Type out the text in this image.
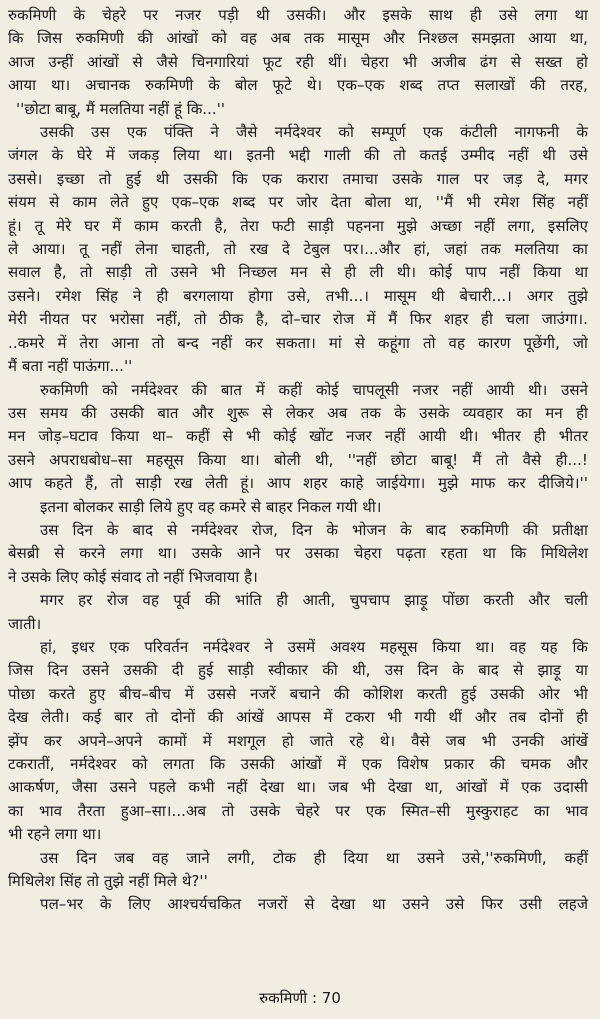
रुकमिणी के चेहरे पर नजर पड़ी थी उसकी। और इसके साथ ही उसे लगा था
कि जिस रुकमिणी की आंखों को वह अब तक मासूम और निश्छल समझता आया था,
आज उन्हीं आंखों से जैसे चिनगारियां फूट रही थीं। चेहरा भी अजीब ढंग से सख्त हो
आया था। अचानक रुकमिणी के बोल फूटे थे। एक–एक शब्द तप्त सलाखों की तरह,
''छोटा बाबू, मैं मलतिया नहीं हूं कि...''
उसकी उस एक पंक्ति ने जैसे नर्मदेश्वर को सम्पूर्ण एक कंटीली नागफनी के
जंगल के घेरे में जकड़ लिया था। इतनी भद्दी गाली की तो कतई उम्मीद नहीं थी उसे
उससे। इच्छा तो हुई थी उसकी कि एक करारा तमाचा उसके गाल पर जड़ दे, मगर
संयम से काम लेते हुए एक–एक शब्द पर जोर देता बोला था, ''मैं भी रमेश सिंह नहीं
हूं। तू मेरे घर में काम करती है, तेरा फटी साड़ी पहनना मुझे अच्छा नहीं लगा, इसलिए
ले आया। तू नहीं लेना चाहती, तो रख दे टेबुल पर।...और हां, जहां तक मलतिया का
सवाल है, तो साड़ी तो उसने भी निच्छल मन से ही ली थी। कोई पाप नहीं किया था
उसने। रमेश सिंह ने ही बरगलाया होगा उसे, तभी...। मासूम थी बेचारी...। अगर तुझे
मेरी नीयत पर भरोसा नहीं, तो ठीक है, दो–चार रोज में मैं फिर शहर ही चला जाउंगा।.
..कमरे में तेरा आना तो बन्द नहीं कर सकता। मां से कहूंगा तो वह कारण पूछेंगी, जो
मैं बता नहीं पाऊंगा...''
रुकमिणी को नर्मदेश्वर की बात में कहीं कोई चापलूसी नजर नहीं आयी थी। उसने
उस समय की उसकी बात और शुरू से लेकर अब तक के उसके व्यवहार का मन ही
मन जोड़–घटाव किया था– कहीं से भी कोई खोंट नजर नहीं आयी थी। भीतर ही भीतर
उसने अपराधबोध–सा महसूस किया था। बोली थी, ''नहीं छोटा बाबू! मैं तो वैसे ही...!
आप कहते हैं, तो साड़ी रख लेती हूं। आप शहर काहे जाईयेगा। मुझे माफ कर दीजिये।''
इतना बोलकर साड़ी लिये हुए वह कमरे से बाहर निकल गयी थी।
उस दिन के बाद से नर्मदेश्वर रोज, दिन के भोजन के बाद रुकमिणी की प्रतीक्षा
बेसब्री से करने लगा था। उसके आने पर उसका चेहरा पढ़ता रहता था कि मिथिलेश
ने उसके लिए कोई संवाद तो नहीं भिजवाया है।
मगर हर रोज वह पूर्व की भांति ही आती, चुपचाप झाड़ू पोंछा करती और चली
जाती।
हां, इधर एक परिवर्तन नर्मदेश्वर ने उसमें अवश्य महसूस किया था। वह यह कि
जिस दिन उसने उसकी दी हुई साड़ी स्वीकार की थी, उस दिन के बाद से झाड़ू या
पोछा करते हुए बीच–बीच में उससे नजरें बचाने की कोशिश करती हुई उसकी ओर भी
देख लेती। कई बार तो दोनों की आंखें आपस में टकरा भी गयी थीं और तब दोनों ही
झेंप कर अपने–अपने कामों में मशगूल हो जाते रहे थे। वैसे जब भी उनकी आंखें
टकरातीं, नर्मदेश्वर को लगता कि उसकी आंखों में एक विशेष प्रकार की चमक और
आकर्षण, जैसा उसने पहले कभी नहीं देखा था। जब भी देखा था, आंखों में एक उदासी
का भाव तैरता हुआ–सा।...अब तो उसके चेहरे पर एक स्मित–सी मुस्कुराहट का भाव
भी रहने लगा था।
उस दिन जब वह जाने लगी, टोक ही दिया था उसने उसे,''रुकमिणी, कहीं
मिथिलेश सिंह तो तुझे नहीं मिले थे?''
पल–भर के लिए आश्चर्यचकित नजरों से देखा था उसने उसे फिर उसी लहजे
रुकमिणी : 70
